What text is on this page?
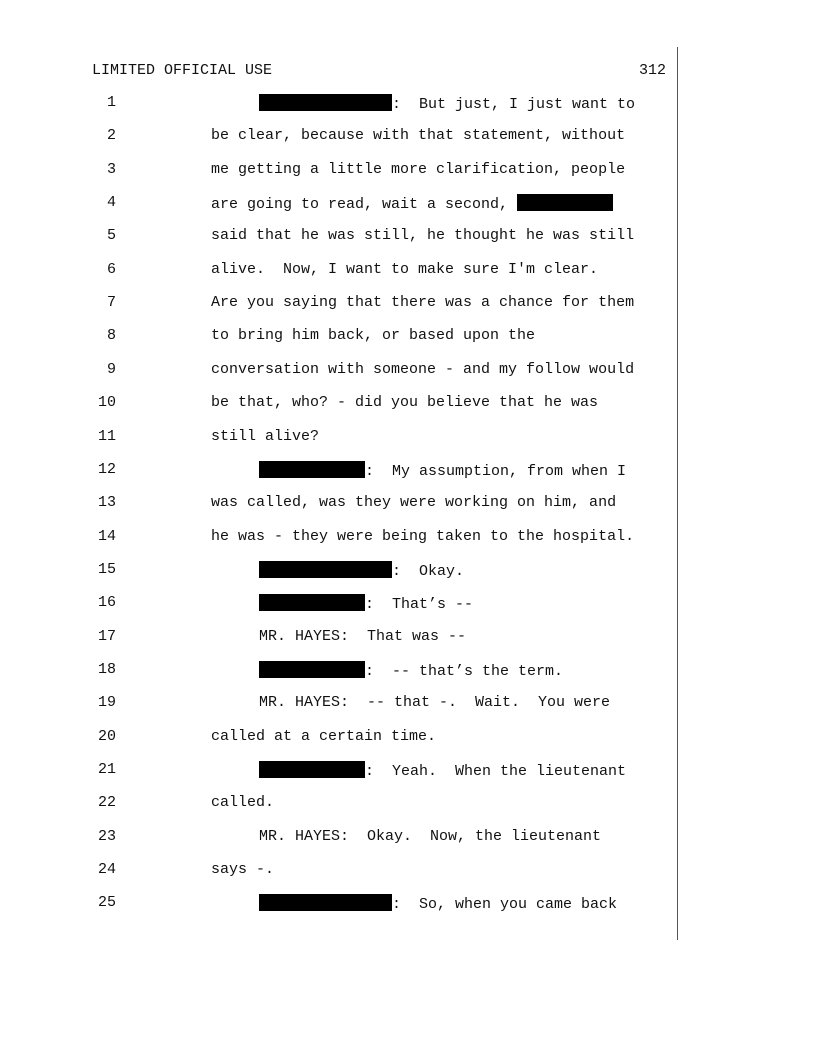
LIMITED OFFICIAL USE	312
1	:  But just, I just want to
2	be clear, because with that statement, without
3	me getting a little more clarification, people
4	are going to read, wait a second,
5	said that he was still, he thought he was still
6	alive.  Now, I want to make sure I'm clear.
7	Are you saying that there was a chance for them
8	to bring him back, or based upon the
9	conversation with someone - and my follow would
10	be that, who? - did you believe that he was
11	still alive?
12	:  My assumption, from when I
13	was called, was they were working on him, and
14	he was - they were being taken to the hospital.
15	:  Okay.
16	:  That’s --
17	MR. HAYES:  That was --
18	:  -- that’s the term.
19	MR. HAYES:  -- that -.  Wait.  You were
20	called at a certain time.
21	:  Yeah.  When the lieutenant
22	called.
23	MR. HAYES:  Okay.  Now, the lieutenant
24	says -.
25	:  So, when you came back
